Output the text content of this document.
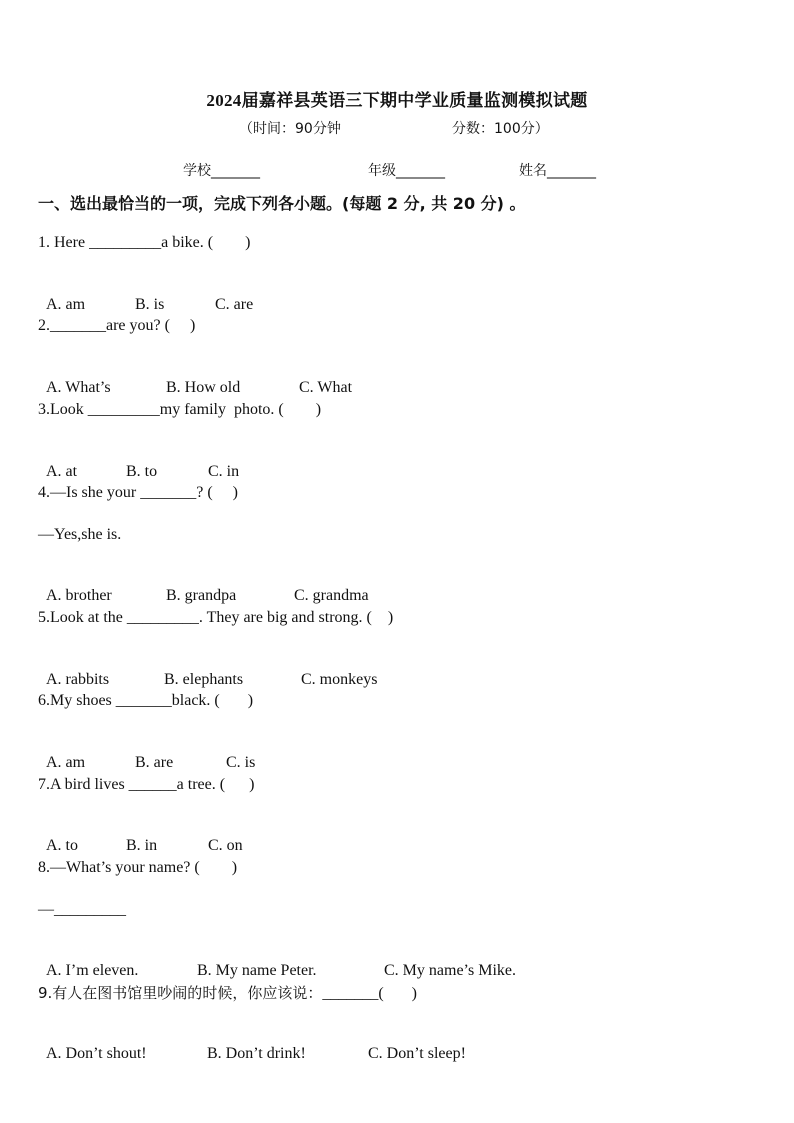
2024届嘉祥县英语三下期中学业质量监测模拟试题
（时间：90分钟	分数：100分）
学校_______	年级_______	姓名_______
一、选出最恰当的一项，完成下列各小题。(每题 2 分, 共 20 分) 。
1. Here _________a bike. (        )

A. am	B. is	C. are

2._______are you? (     )

A. What’s	B. How old	C. What

3.Look _________my family  photo. (        )

A. at	B. to	C. in

4.—Is she your _______? (     )
—Yes,she is.

A. brother	B. grandpa	C. grandma

5.Look at the _________. They are big and strong. (    )

A. rabbits	B. elephants	C. monkeys

6.My shoes _______black. (       )

A. am	B. are	C. is

7.A bird lives ______a tree. (      )

A. to	B. in	C. on

8.—What’s your name? (        )
—_________

A. I’m eleven.	B. My name Peter.	C. My name’s Mike.

9.有人在图书馆里吵闹的时候，你应该说：_______(       )

A. Don’t shout!	B. Don’t drink!	C. Don’t sleep!
